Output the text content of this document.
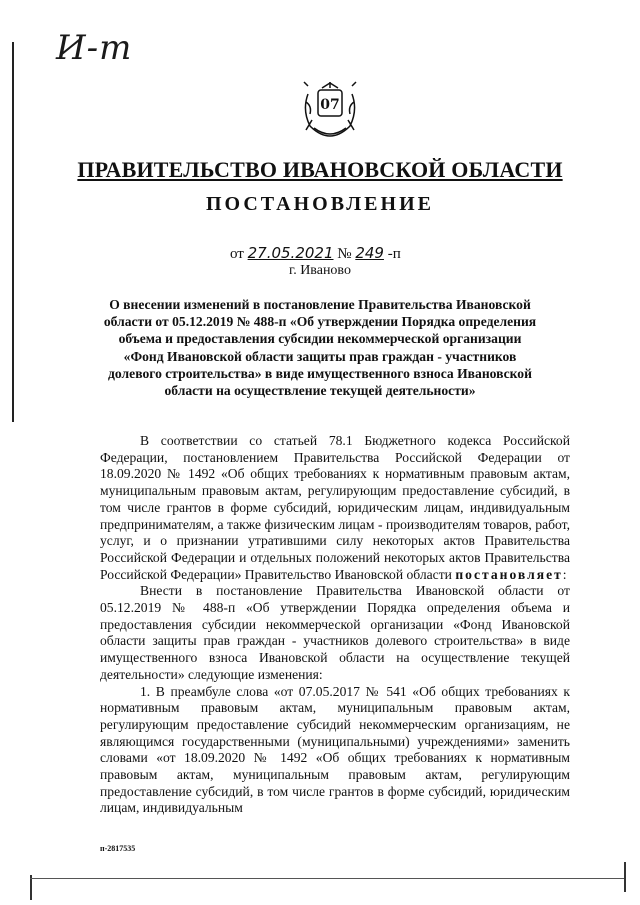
И-т
07
ПРАВИТЕЛЬСТВО ИВАНОВСКОЙ ОБЛАСТИ
ПОСТАНОВЛЕНИЕ
от 27.05.2021 № 249 -п
г. Иваново
О внесении изменений в постановление Правительства Ивановской области от 05.12.2019 № 488-п «Об утверждении Порядка определения объема и предоставления субсидии некоммерческой организации «Фонд Ивановской области защиты прав граждан - участников долевого строительства» в виде имущественного взноса Ивановской области на осуществление текущей деятельности»

В соответствии со статьей 78.1 Бюджетного кодекса Российской Федерации, постановлением Правительства Российской Федерации от 18.09.2020 № 1492 «Об общих требованиях к нормативным правовым актам, муниципальным правовым актам, регулирующим предоставление субсидий, в том числе грантов в форме субсидий, юридическим лицам, индивидуальным предпринимателям, а также физическим лицам - производителям товаров, работ, услуг, и о признании утратившими силу некоторых актов Правительства Российской Федерации и отдельных положений некоторых актов Правительства Российской Федерации» Правительство Ивановской области постановляет:

Внести в постановление Правительства Ивановской области от 05.12.2019 № 488-п «Об утверждении Порядка определения объема и предоставления субсидии некоммерческой организации «Фонд Ивановской области защиты прав граждан - участников долевого строительства» в виде имущественного взноса Ивановской области на осуществление текущей деятельности» следующие изменения:

1. В преамбуле слова «от 07.05.2017 № 541 «Об общих требованиях к нормативным правовым актам, муниципальным правовым актам, регулирующим предоставление субсидий некоммерческим организациям, не являющимся государственными (муниципальными) учреждениями» заменить словами «от 18.09.2020 № 1492 «Об общих требованиях к нормативным правовым актам, муниципальным правовым актам, регулирующим предоставление субсидий, в том числе грантов в форме субсидий, юридическим лицам, индивидуальным

п-2817535
